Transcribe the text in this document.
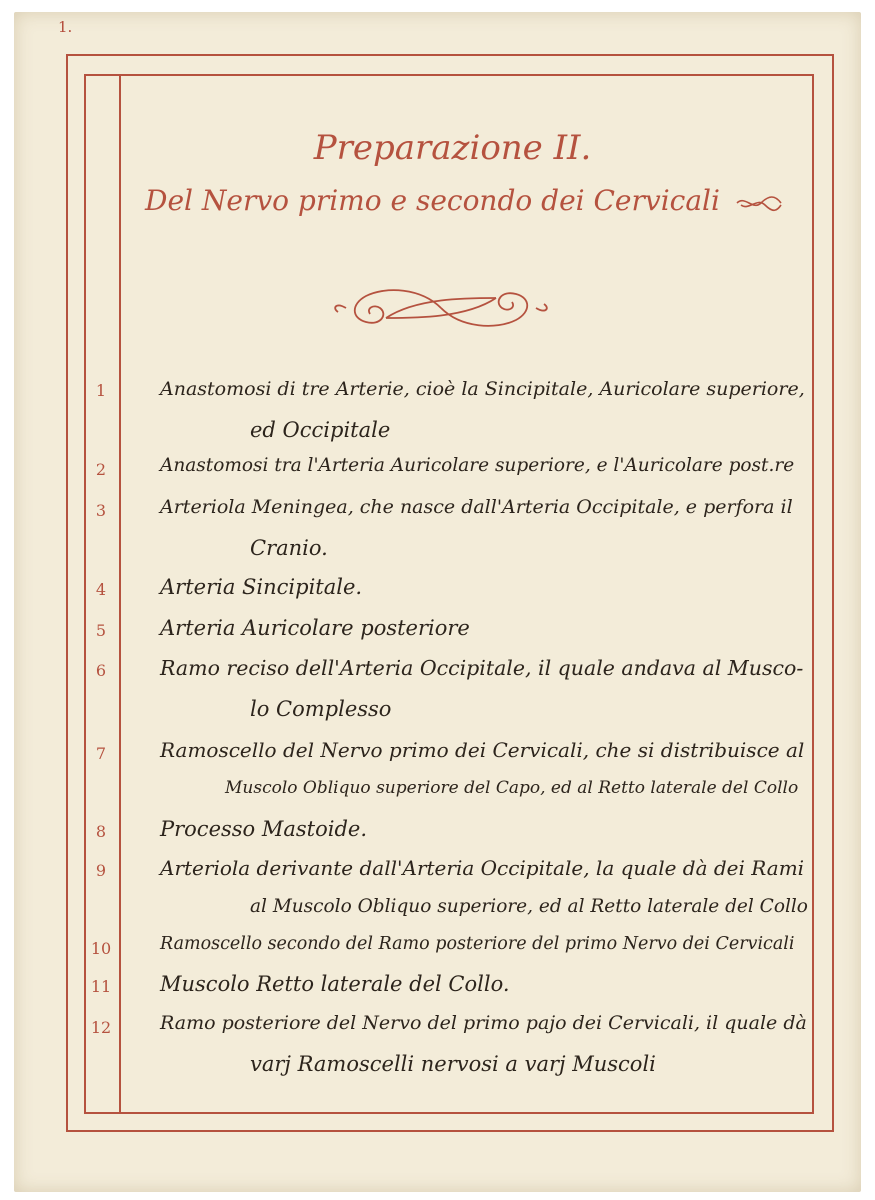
1.
Preparazione II.
Del Nervo primo e secondo dei Cervicali
1	Anastomosi di tre Arterie, cioè la Sincipitale, Auricolare superiore,
ed Occipitale
2	Anastomosi tra l'Arteria Auricolare superiore, e l'Auricolare post.re
3	Arteriola Meningea, che nasce dall'Arteria Occipitale, e perfora il
Cranio.
4	Arteria Sincipitale.
5	Arteria Auricolare posteriore
6	Ramo reciso dell'Arteria Occipitale, il quale andava al Musco-
lo Complesso
7	Ramoscello del Nervo primo dei Cervicali, che si distribuisce al
Muscolo Obliquo superiore del Capo, ed al Retto laterale del Collo
8	Processo Mastoide.
9	Arteriola derivante dall'Arteria Occipitale, la quale dà dei Rami
al Muscolo Obliquo superiore, ed al Retto laterale del Collo
10	Ramoscello secondo del Ramo posteriore del primo Nervo dei Cervicali
11	Muscolo Retto laterale del Collo.
12	Ramo posteriore del Nervo del primo pajo dei Cervicali, il quale dà
varj Ramoscelli nervosi a varj Muscoli
